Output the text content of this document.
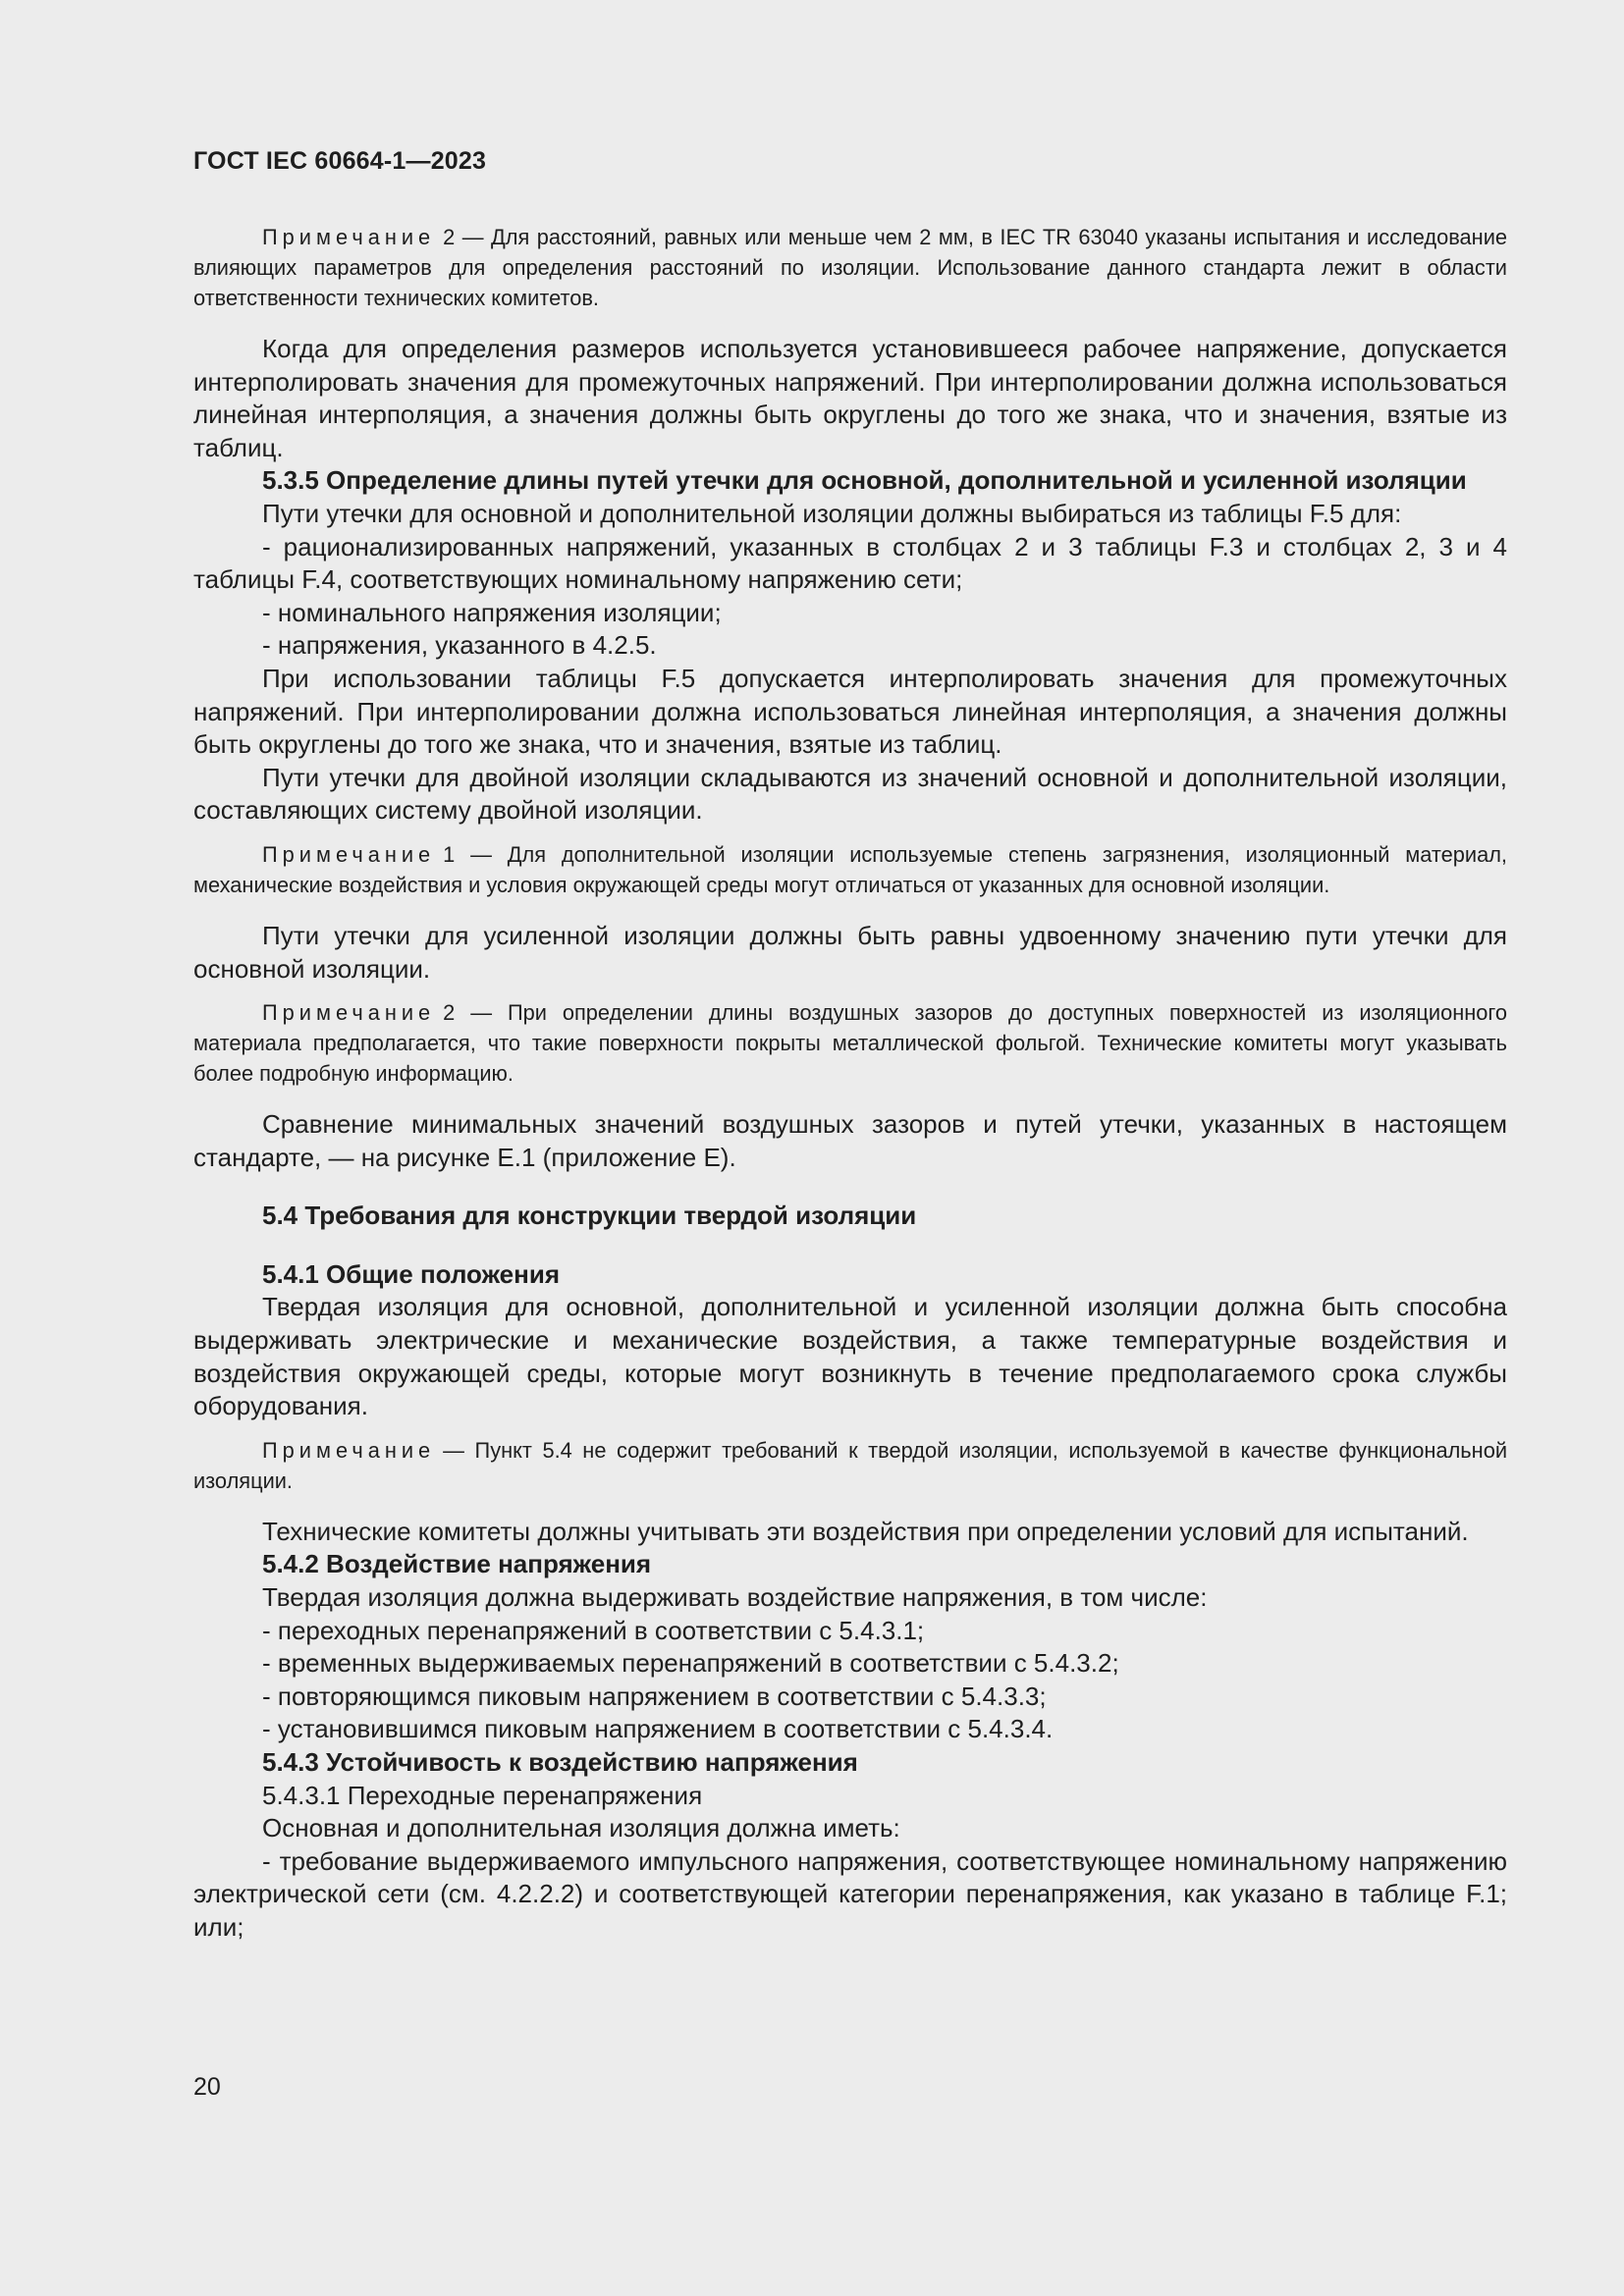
ГОСТ IEC 60664-1—2023

Примечание 2 — Для расстояний, равных или меньше чем 2 мм, в IEC TR 63040 указаны испытания и исследование влияющих параметров для определения расстояний по изоляции. Использование данного стандарта лежит в области ответственности технических комитетов.

Когда для определения размеров используется установившееся рабочее напряжение, допускается интерполировать значения для промежуточных напряжений. При интерполировании должна использоваться линейная интерполяция, а значения должны быть округлены до того же знака, что и значения, взятые из таблиц.

5.3.5 Определение длины путей утечки для основной, дополнительной и усиленной изоляции

Пути утечки для основной и дополнительной изоляции должны выбираться из таблицы F.5 для:

- рационализированных напряжений, указанных в столбцах 2 и 3 таблицы F.3 и столбцах 2, 3 и 4 таблицы F.4, соответствующих номинальному напряжению сети;

- номинального напряжения изоляции;

- напряжения, указанного в 4.2.5.

При использовании таблицы F.5 допускается интерполировать значения для промежуточных напряжений. При интерполировании должна использоваться линейная интерполяция, а значения должны быть округлены до того же знака, что и значения, взятые из таблиц.

Пути утечки для двойной изоляции складываются из значений основной и дополнительной изоляции, составляющих систему двойной изоляции.

Примечание 1 — Для дополнительной изоляции используемые степень загрязнения, изоляционный материал, механические воздействия и условия окружающей среды могут отличаться от указанных для основной изоляции.

Пути утечки для усиленной изоляции должны быть равны удвоенному значению пути утечки для основной изоляции.

Примечание 2 — При определении длины воздушных зазоров до доступных поверхностей из изоляционного материала предполагается, что такие поверхности покрыты металлической фольгой. Технические комитеты могут указывать более подробную информацию.

Сравнение минимальных значений воздушных зазоров и путей утечки, указанных в настоящем стандарте, — на рисунке E.1 (приложение E).

5.4 Требования для конструкции твердой изоляции

5.4.1 Общие положения

Твердая изоляция для основной, дополнительной и усиленной изоляции должна быть способна выдерживать электрические и механические воздействия, а также температурные воздействия и воздействия окружающей среды, которые могут возникнуть в течение предполагаемого срока службы оборудования.

Примечание — Пункт 5.4 не содержит требований к твердой изоляции, используемой в качестве функциональной изоляции.

Технические комитеты должны учитывать эти воздействия при определении условий для испытаний.

5.4.2 Воздействие напряжения

Твердая изоляция должна выдерживать воздействие напряжения, в том числе:

- переходных перенапряжений в соответствии с 5.4.3.1;

- временных выдерживаемых перенапряжений в соответствии с 5.4.3.2;

- повторяющимся пиковым напряжением в соответствии с 5.4.3.3;

- установившимся пиковым напряжением в соответствии с 5.4.3.4.

5.4.3 Устойчивость к воздействию напряжения

5.4.3.1 Переходные перенапряжения

Основная и дополнительная изоляция должна иметь:

- требование выдерживаемого импульсного напряжения, соответствующее номинальному напряжению электрической сети (см. 4.2.2.2) и соответствующей категории перенапряжения, как указано в таблице F.1; или;

20
